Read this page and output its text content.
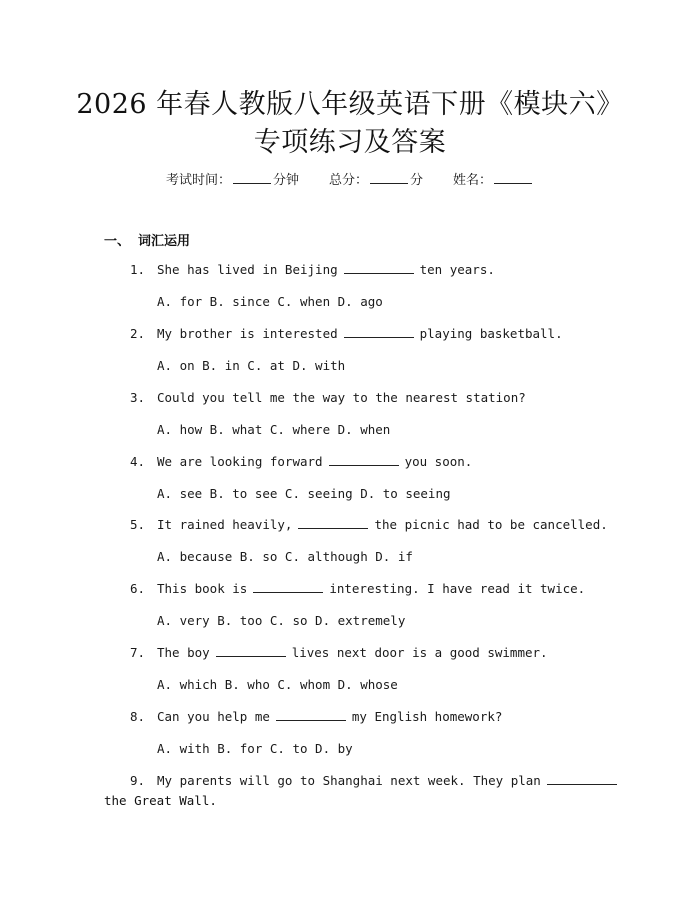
2026 年春人教版八年级英语下册《模块六》
专项练习及答案
考试时间：	分钟 总分：	分 姓名：
一、 词汇运用
1. She has lived in Beijing	ten years.
A. for B. since C. when D. ago
2. My brother is interested	playing basketball.
A. on B. in C. at D. with
3. Could you tell me the way to the nearest station?
A. how B. what C. where D. when
4. We are looking forward	you soon.
A. see B. to see C. seeing D. to seeing
5. It rained heavily,	the picnic had to be cancelled.
A. because B. so C. although D. if
6. This book is	interesting. I have read it twice.
A. very B. too C. so D. extremely
7. The boy	lives next door is a good swimmer.
A. which B. who C. whom D. whose
8. Can you help me	my English homework?
A. with B. for C. to D. by
9. My parents will go to Shanghai next week. They plan
the Great Wall.
